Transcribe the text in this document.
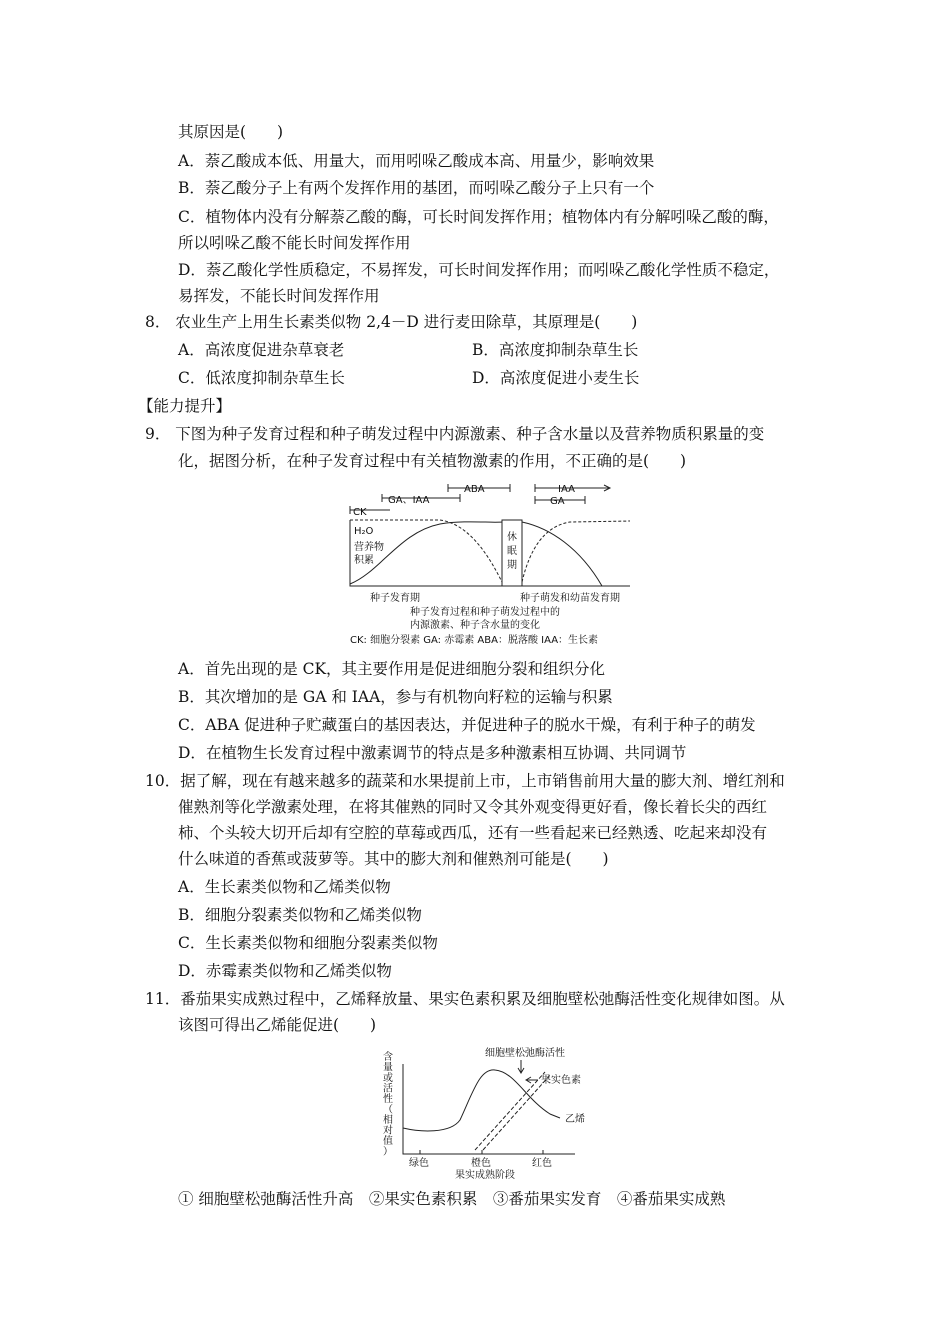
其原因是(　　)
A．萘乙酸成本低、用量大，而用吲哚乙酸成本高、用量少，影响效果
B．萘乙酸分子上有两个发挥作用的基团，而吲哚乙酸分子上只有一个
C．植物体内没有分解萘乙酸的酶，可长时间发挥作用；植物体内有分解吲哚乙酸的酶，
所以吲哚乙酸不能长时间发挥作用
D．萘乙酸化学性质稳定，不易挥发，可长时间发挥作用；而吲哚乙酸化学性质不稳定，
易挥发，不能长时间发挥作用
8． 农业生产上用生长素类似物 2,4－D 进行麦田除草，其原理是(　　)
A．高浓度促进杂草衰老	B．高浓度抑制杂草生长
C．低浓度抑制杂草生长	D．高浓度促进小麦生长
【能力提升】
9． 下图为种子发育过程和种子萌发过程中内源激素、种子含水量以及营养物质积累量的变
化，据图分析，在种子发育过程中有关植物激素的作用，不正确的是(　　)
CK
GA、IAA
ABA	IAA
GA
H₂O
营养物
积累
休
眠
期
种子发育期	种子萌发和幼苗发育期
种子发育过程和种子萌发过程中的
内源激素、种子含水量的变化
CK: 细胞分裂素 GA: 赤霉素 ABA：脱落酸 IAA：生长素
A．首先出现的是 CK，其主要作用是促进细胞分裂和组织分化
B．其次增加的是 GA 和 IAA，参与有机物向籽粒的运输与积累
C．ABA 促进种子贮藏蛋白的基因表达，并促进种子的脱水干燥，有利于种子的萌发
D．在植物生长发育过程中激素调节的特点是多种激素相互协调、共同调节
10．据了解，现在有越来越多的蔬菜和水果提前上市，上市销售前用大量的膨大剂、增红剂和
催熟剂等化学激素处理，在将其催熟的同时又令其外观变得更好看，像长着长尖的西红
柿、个头较大切开后却有空腔的草莓或西瓜，还有一些看起来已经熟透、吃起来却没有
什么味道的香蕉或菠萝等。其中的膨大剂和催熟剂可能是(　　)
A．生长素类似物和乙烯类似物
B．细胞分裂素类似物和乙烯类似物
C．生长素类似物和细胞分裂素类似物
D．赤霉素类似物和乙烯类似物
11．番茄果实成熟过程中，乙烯释放量、果实色素积累及细胞壁松弛酶活性变化规律如图。从
该图可得出乙烯能促进(　　)
含
量
或
活
性
（
相
对
值
）
细胞壁松弛酶活性
果实色素
乙烯
绿色	橙色	红色
果实成熟阶段
① 细胞壁松弛酶活性升高　②果实色素积累　③番茄果实发育　④番茄果实成熟
